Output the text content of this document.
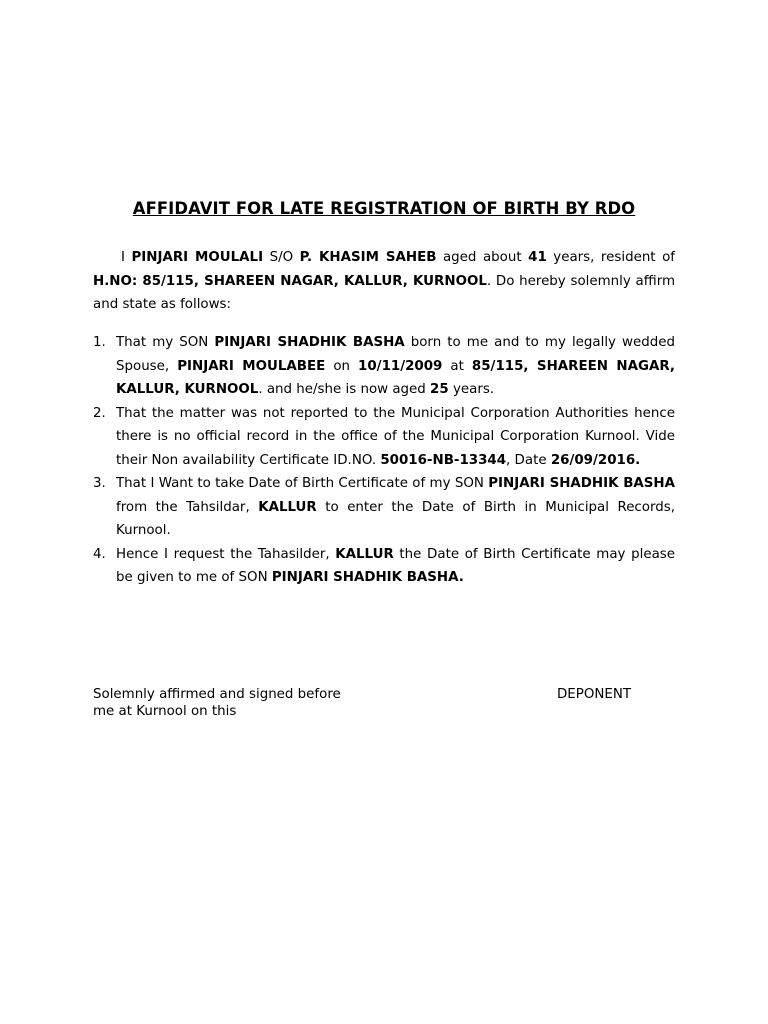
AFFIDAVIT FOR LATE REGISTRATION OF BIRTH BY RDO

I PINJARI MOULALI S/O P. KHASIM SAHEB aged about 41 years, resident of H.NO: 85/115, SHAREEN NAGAR, KALLUR, KURNOOL. Do hereby solemnly affirm and state as follows:

1. That my SON PINJARI SHADHIK BASHA born to me and to my legally wedded Spouse, PINJARI MOULABEE on 10/11/2009 at 85/115, SHAREEN NAGAR, KALLUR, KURNOOL. and he/she is now aged 25 years.
2. That the matter was not reported to the Municipal Corporation Authorities hence there is no official record in the office of the Municipal Corporation Kurnool. Vide their Non availability Certificate ID.NO. 50016-NB-13344, Date 26/09/2016.
3. That I Want to take Date of Birth Certificate of my SON PINJARI SHADHIK BASHA from the Tahsildar, KALLUR to enter the Date of Birth in Municipal Records, Kurnool.
4. Hence I request the Tahasilder, KALLUR the Date of Birth Certificate may please be given to me of SON PINJARI SHADHIK BASHA.

Solemnly affirmed and signed before
me at Kurnool on this

DEPONENT
